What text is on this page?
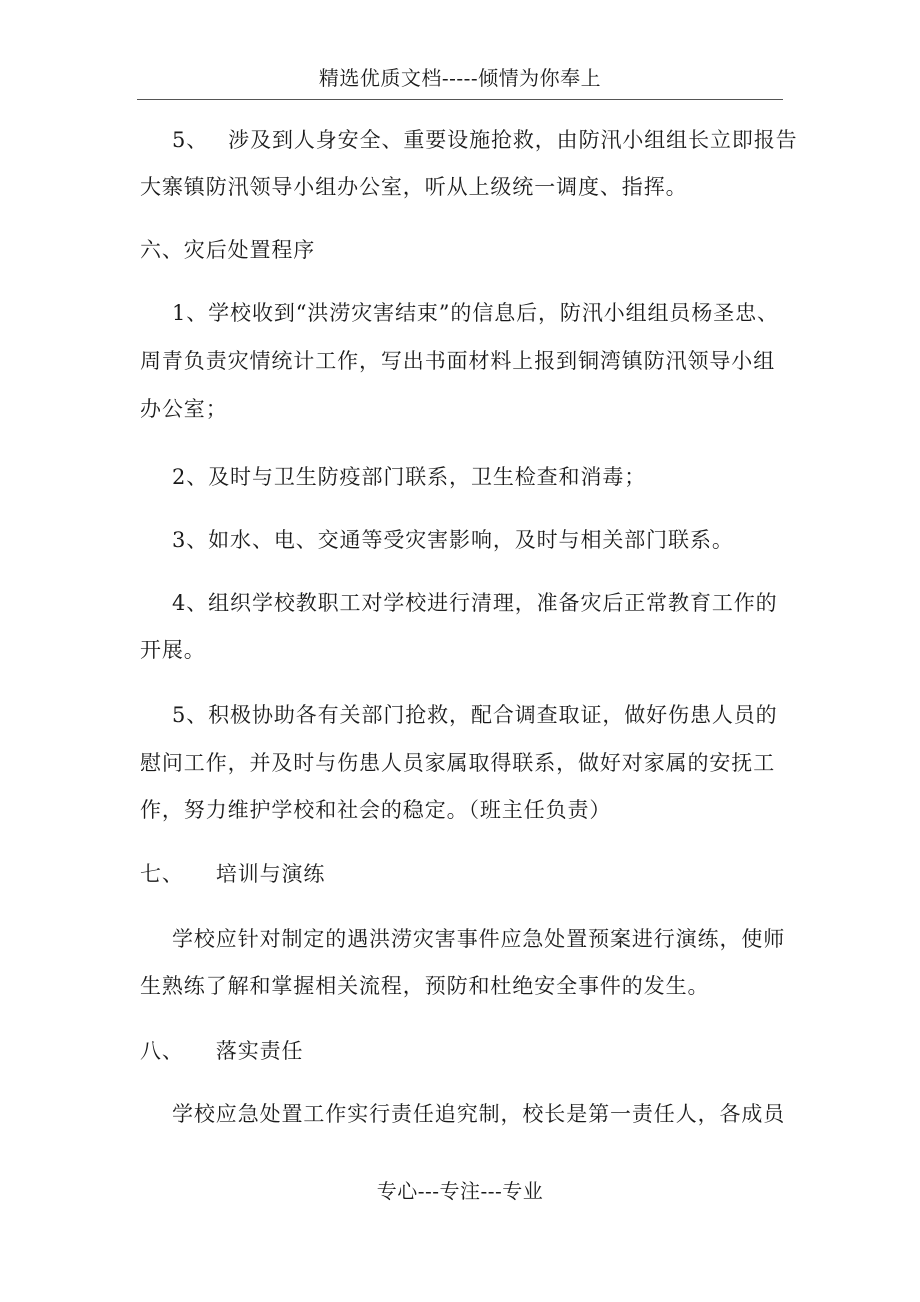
精选优质文档-----倾情为你奉上
5、 涉及到人身安全、重要设施抢救，由防汛小组组长立即报告
大寨镇防汛领导小组办公室，听从上级统一调度、指挥。
六、灾后处置程序
1、学校收到“洪涝灾害结束”的信息后，防汛小组组员杨圣忠、
周青负责灾情统计工作，写出书面材料上报到铜湾镇防汛领导小组
办公室；
2、及时与卫生防疫部门联系，卫生检查和消毒；
3、如水、电、交通等受灾害影响，及时与相关部门联系。
4、组织学校教职工对学校进行清理，准备灾后正常教育工作的
开展。
5、积极协助各有关部门抢救，配合调查取证，做好伤患人员的
慰问工作，并及时与伤患人员家属取得联系，做好对家属的安抚工
作，努力维护学校和社会的稳定。（班主任负责）
七、 培训与演练
学校应针对制定的遇洪涝灾害事件应急处置预案进行演练，使师
生熟练了解和掌握相关流程，预防和杜绝安全事件的发生。
八、 落实责任
学校应急处置工作实行责任追究制，校长是第一责任人，各成员
专心---专注---专业
